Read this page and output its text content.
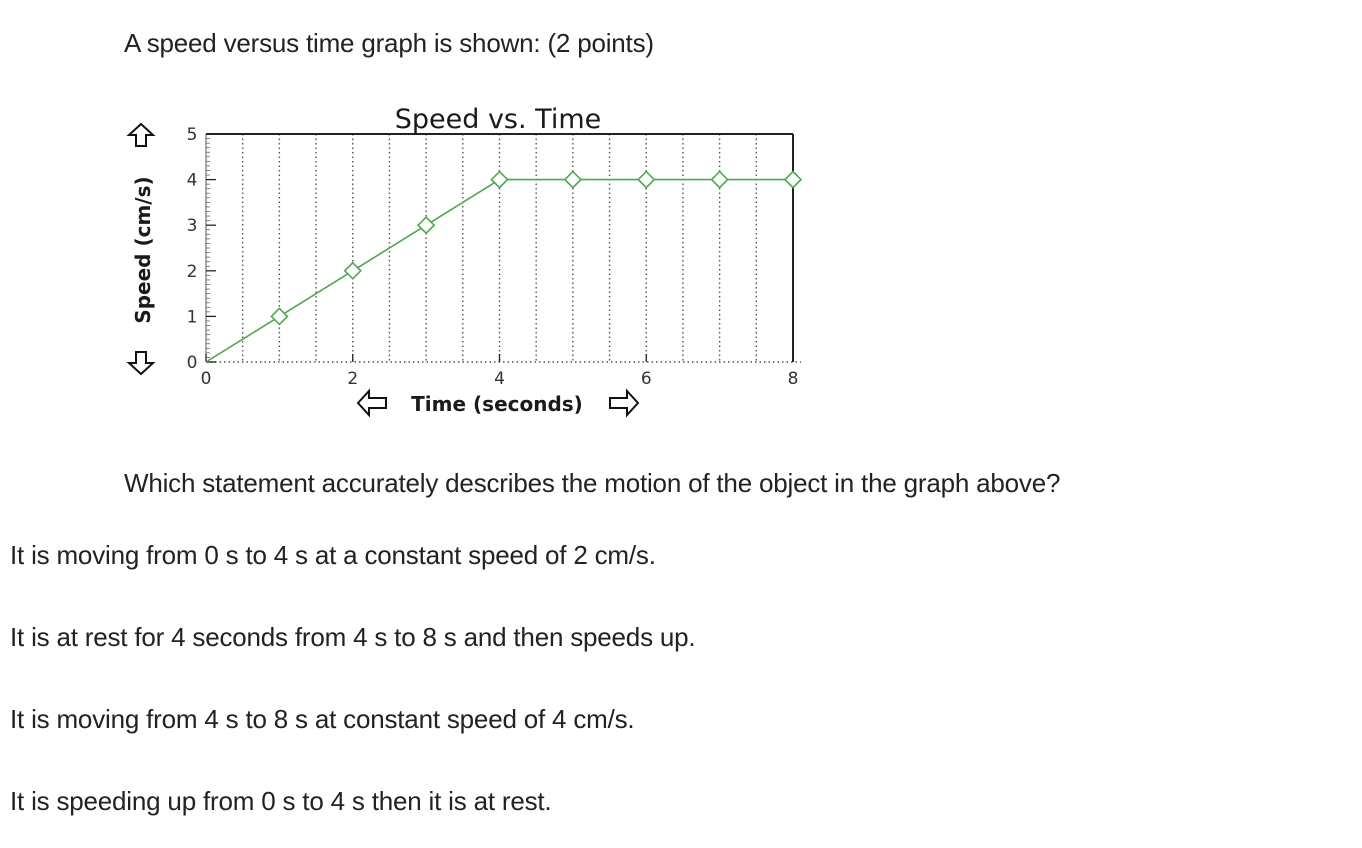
A speed versus time graph is shown: (2 points)
0
1
2
3
4
5
0	2	4	6	8
Speed vs. Time
Time (seconds)
Speed (cm/s)
Which statement accurately describes the motion of the object in the graph above?
It is moving from 0 s to 4 s at a constant speed of 2 cm/s.
It is at rest for 4 seconds from 4 s to 8 s and then speeds up.
It is moving from 4 s to 8 s at constant speed of 4 cm/s.
It is speeding up from 0 s to 4 s then it is at rest.
